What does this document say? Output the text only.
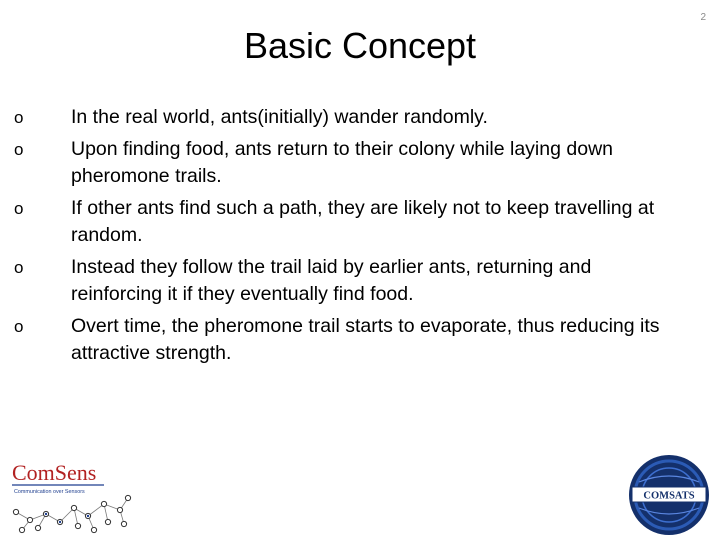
2
Basic Concept
o In the real world, ants(initially) wander randomly.
o Upon finding food, ants return to their colony while laying down pheromone trails.
o If other ants find such a path, they are likely not to keep travelling at random.
o Instead they follow the trail laid by earlier ants, returning and reinforcing it if they eventually find food.
o Overt time, the pheromone trail starts to evaporate, thus reducing its attractive strength.
ComSens
Communication over Sensors	COMSATS
